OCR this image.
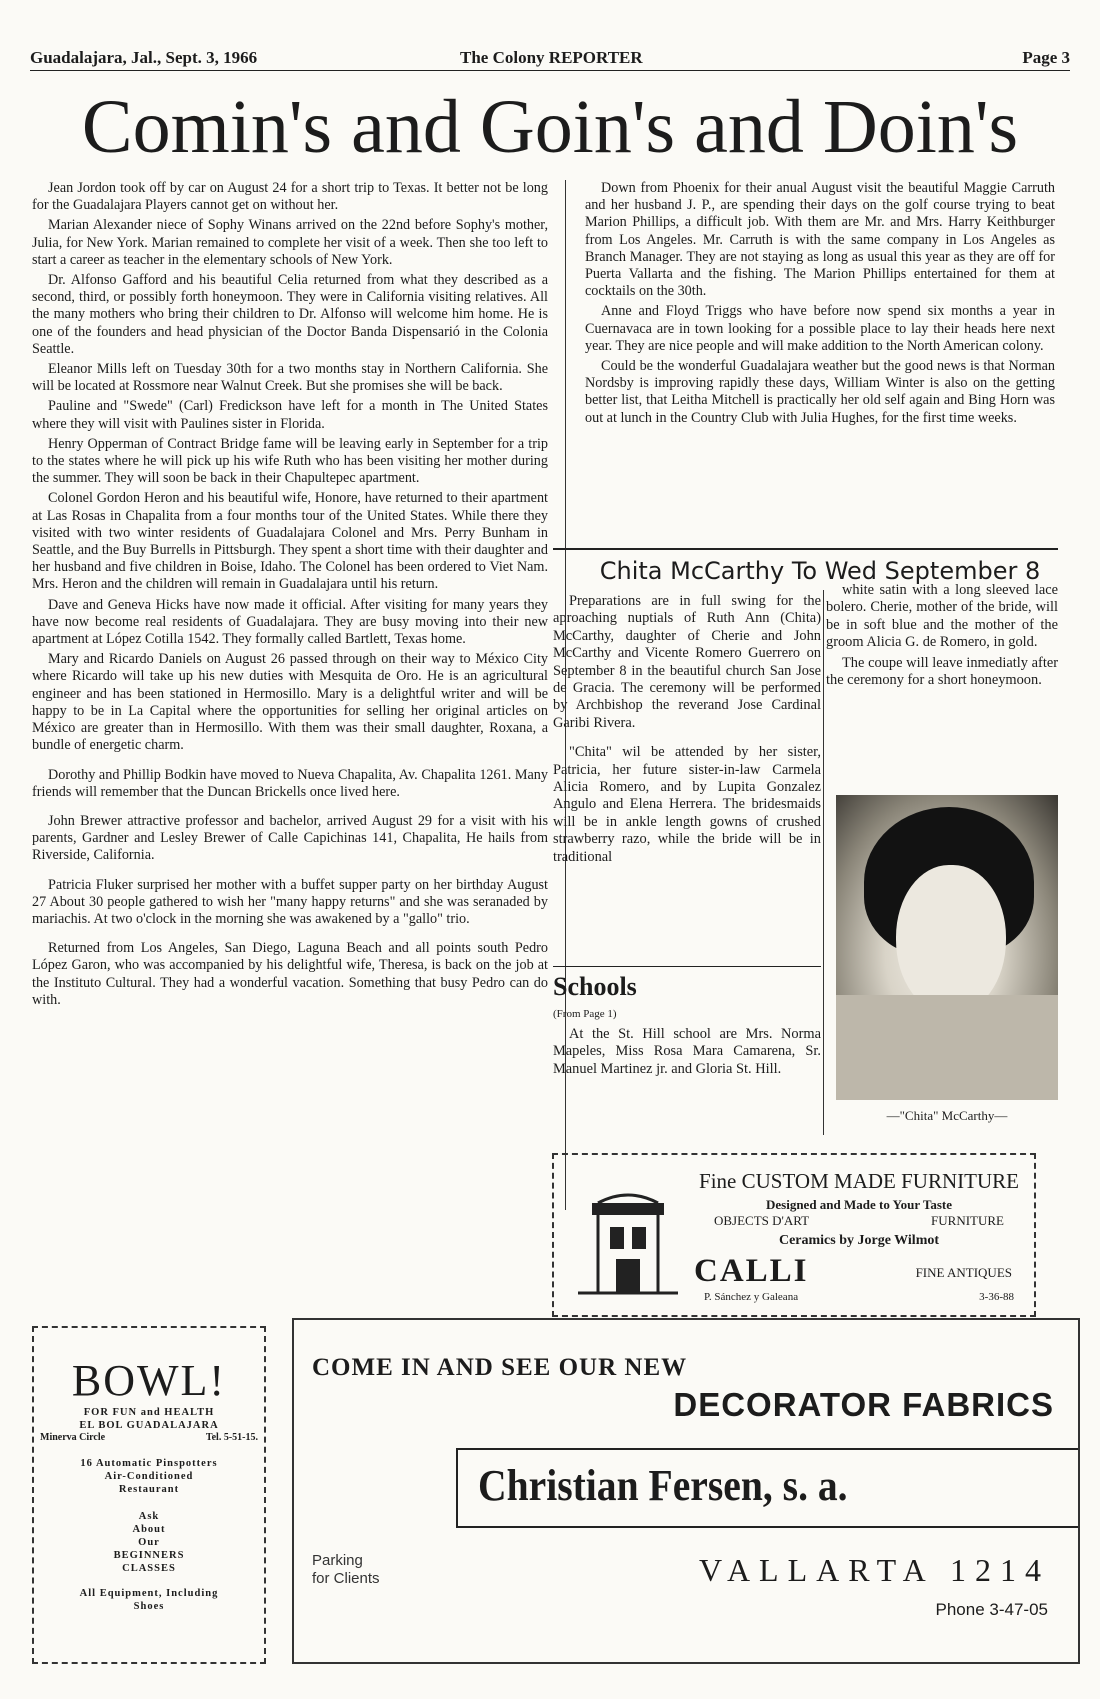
Guadalajara, Jal., Sept. 3, 1966	The Colony REPORTER	Page 3
Comin's and Goin's and Doin's

Jean Jordon took off by car on August 24 for a short trip to Texas. It better not be long for the Guadalajara Players cannot get on without her.

Marian Alexander niece of Sophy Winans arrived on the 22nd before Sophy's mother, Julia, for New York. Marian remained to complete her visit of a week. Then she too left to start a career as teacher in the elementary schools of New York.

Dr. Alfonso Gafford and his beautiful Celia returned from what they described as a second, third, or possibly forth honeymoon. They were in California visiting relatives. All the many mothers who bring their children to Dr. Alfonso will welcome him home. He is one of the founders and head physician of the Doctor Banda Dispensarió in the Colonia Seattle.

Eleanor Mills left on Tuesday 30th for a two months stay in Northern California. She will be located at Rossmore near Walnut Creek. But she promises she will be back.

Pauline and "Swede" (Carl) Fredickson have left for a month in The United States where they will visit with Paulines sister in Florida.

Henry Opperman of Contract Bridge fame will be leaving early in September for a trip to the states where he will pick up his wife Ruth who has been visiting her mother during the summer. They will soon be back in their Chapultepec apartment.

Colonel Gordon Heron and his beautiful wife, Honore, have returned to their apartment at Las Rosas in Chapalita from a four months tour of the United States. While there they visited with two winter residents of Guadalajara Colonel and Mrs. Perry Bunham in Seattle, and the Buy Burrells in Pittsburgh. They spent a short time with their daughter and her husband and five children in Boise, Idaho. The Colonel has been ordered to Viet Nam. Mrs. Heron and the children will remain in Guadalajara until his return.

Dave and Geneva Hicks have now made it official. After visiting for many years they have now become real residents of Guadalajara. They are busy moving into their new apartment at López Cotilla 1542. They formally called Bartlett, Texas home.

Mary and Ricardo Daniels on August 26 passed through on their way to México City where Ricardo will take up his new duties with Mesquita de Oro. He is an agricultural engineer and has been stationed in Hermosillo. Mary is a delightful writer and will be happy to be in La Capital where the opportunities for selling her original articles on México are greater than in Hermosillo. With them was their small daughter, Roxana, a bundle of energetic charm.

Dorothy and Phillip Bodkin have moved to Nueva Chapalita, Av. Chapalita 1261. Many friends will remember that the Duncan Brickells once lived here.

John Brewer attractive professor and bachelor, arrived August 29 for a visit with his parents, Gardner and Lesley Brewer of Calle Capichinas 141, Chapalita, He hails from Riverside, California.

Patricia Fluker surprised her mother with a buffet supper party on her birthday August 27 About 30 people gathered to wish her "many happy returns" and she was seranaded by mariachis. At two o'clock in the morning she was awakened by a "gallo" trio.

Returned from Los Angeles, San Diego, Laguna Beach and all points south Pedro López Garon, who was accompanied by his delightful wife, Theresa, is back on the job at the Instituto Cultural. They had a wonderful vacation. Something that busy Pedro can do with.

Down from Phoenix for their anual August visit the beautiful Maggie Carruth and her husband J. P., are spending their days on the golf course trying to beat Marion Phillips, a difficult job. With them are Mr. and Mrs. Harry Keithburger from Los Angeles. Mr. Carruth is with the same company in Los Angeles as Branch Manager. They are not staying as long as usual this year as they are off for Puerta Vallarta and the fishing. The Marion Phillips entertained for them at cocktails on the 30th.

Anne and Floyd Triggs who have before now spend six months a year in Cuernavaca are in town looking for a possible place to lay their heads here next year. They are nice people and will make addition to the North American colony.

Could be the wonderful Guadalajara weather but the good news is that Norman Nordsby is improving rapidly these days, William Winter is also on the getting better list, that Leitha Mitchell is practically her old self again and Bing Horn was out at lunch in the Country Club with Julia Hughes, for the first time weeks.

Chita McCarthy To Wed September 8

Preparations are in full swing for the aproaching nuptials of Ruth Ann (Chita) McCarthy, daughter of Cherie and John McCarthy and Vicente Romero Guerrero on September 8 in the beautiful church San Jose de Gracia. The ceremony will be performed by Archbishop the reverand Jose Cardinal Garibi Rivera.

"Chita" wil be attended by her sister, Patricia, her future sister-in-law Carmela Alicia Romero, and by Lupita Gonzalez Angulo and Elena Herrera. The bridesmaids will be in ankle length gowns of crushed strawberry razo, while the bride will be in traditional

white satin with a long sleeved lace bolero. Cherie, mother of the bride, will be in soft blue and the mother of the groom Alicia G. de Romero, in gold.

The coupe will leave inmediatly after the ceremony for a short honeymoon.

—"Chita" McCarthy—
Schools
(From Page 1)

At the St. Hill school are Mrs. Norma Mapeles, Miss Rosa Mara Camarena, Sr. Manuel Martinez jr. and Gloria St. Hill.

Fine CUSTOM MADE FURNITURE
Designed and Made to Your Taste
OBJECTS D'ART	FURNITURE
Ceramics by Jorge Wilmot
CALLI	FINE ANTIQUES
P. Sánchez y Galeana	3-36-88
BOWL!
FOR FUN and HEALTH
EL BOL GUADALAJARA
Minerva Circle	Tel. 5-51-15.
16 Automatic Pinspotters
Air-Conditioned
Restaurant
Ask
About
Our
BEGINNERS
CLASSES
All Equipment, Including
Shoes
COME IN AND SEE OUR NEW
DECORATOR FABRICS
Christian Fersen, s. a.
Parking
for Clients	VALLARTA 1214
Phone 3-47-05
